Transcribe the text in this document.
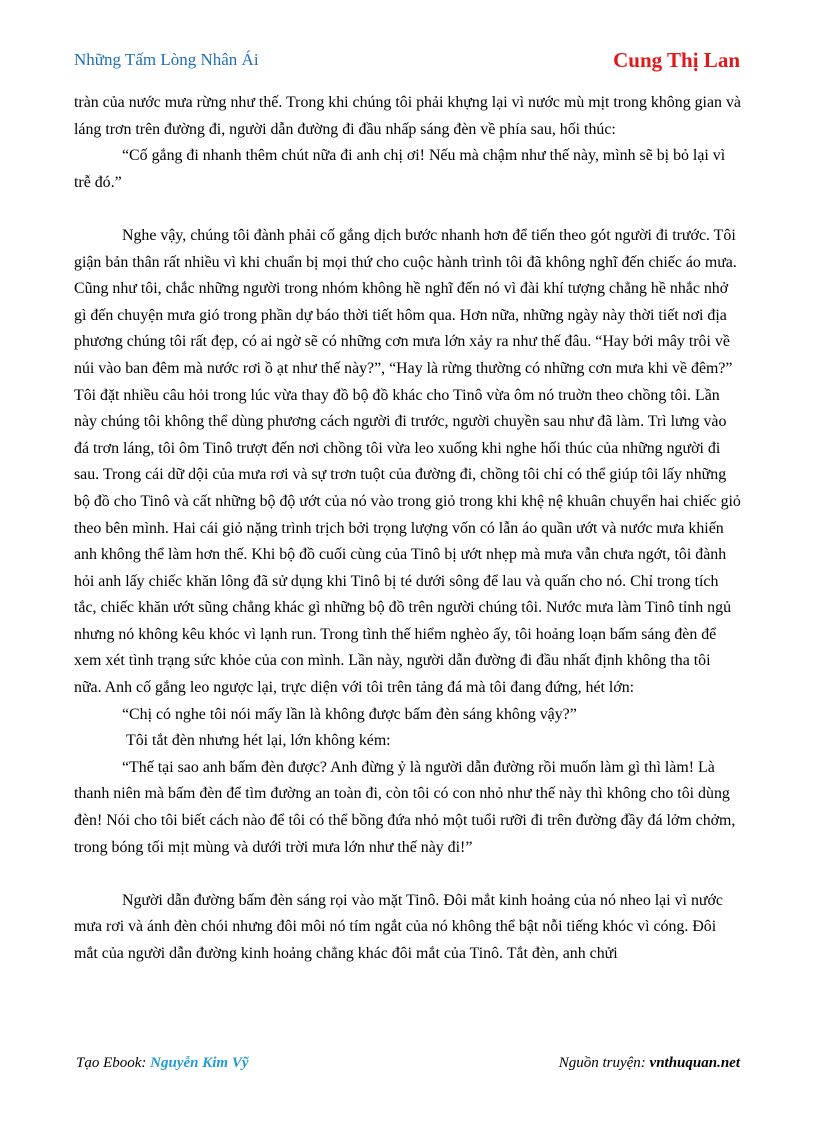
Những Tấm Lòng Nhân Ái	Cung Thị Lan

tràn của nước mưa rừng như thế. Trong khi chúng tôi phải khựng lại vì nước mù mịt trong không gian và láng trơn trên đường đi, người dẫn đường đi đầu nhấp sáng đèn về phía sau, hối thúc:

“Cố gắng đi nhanh thêm chút nữa đi anh chị ơi! Nếu mà chậm như thế này, mình sẽ bị bỏ lại vì trễ đó.”

Nghe vậy, chúng tôi đành phải cố gắng dịch bước nhanh hơn để tiến theo gót người đi trước. Tôi giận bản thân rất nhiều vì khi chuẩn bị mọi thứ cho cuộc hành trình tôi đã không nghĩ đến chiếc áo mưa. Cũng như tôi, chắc những người trong nhóm không hề nghĩ đến nó vì đài khí tượng chẳng hề nhắc nhở gì đến chuyện mưa gió trong phần dự báo thời tiết hôm qua. Hơn nữa, những ngày này thời tiết nơi địa phương chúng tôi rất đẹp, có ai ngờ sẽ có những cơn mưa lớn xảy ra như thế đâu. “Hay bởi mây trôi về núi vào ban đêm mà nước rơi ồ ạt như thế này?”, “Hay là rừng thường có những cơn mưa khi về đêm?” Tôi đặt nhiều câu hỏi trong lúc vừa thay đồ bộ đồ khác cho Tinô vừa ôm nó truờn theo chồng tôi. Lần này chúng tôi không thể dùng phương cách người đi trước, người chuyền sau như đã làm. Trì lưng vào đá trơn láng, tôi ôm Tinô trượt đến nơi chồng tôi vừa leo xuống khi nghe hối thúc của những người đi sau. Trong cái dữ dội của mưa rơi và sự trơn tuột của đường đi, chồng tôi chỉ có thể giúp tôi lấy những bộ đồ cho Tinô và cất những bộ độ ướt của nó vào trong giỏ trong khi khệ nệ khuân chuyển hai chiếc giỏ theo bên mình. Hai cái giỏ nặng trình trịch bởi trọng lượng vốn có lẫn áo quần ướt và nước mưa khiến anh không thể làm hơn thế. Khi bộ đồ cuối cùng của Tinô bị ướt nhẹp mà mưa vẫn chưa ngớt, tôi đành hỏi anh lấy chiếc khăn lông đã sử dụng khi Tinô bị té dưới sông để lau và quấn cho nó. Chỉ trong tích tắc, chiếc khăn ướt sũng chẳng khác gì những bộ đồ trên người chúng tôi. Nước mưa làm Tinô tỉnh ngủ nhưng nó không kêu khóc vì lạnh run. Trong tình thế hiểm nghèo ấy, tôi hoảng loạn bấm sáng đèn để xem xét tình trạng sức khỏe của con mình. Lần này, người dẫn đường đi đầu nhất định không tha tôi nữa. Anh cố gắng leo ngược lại, trực diện với tôi trên tảng đá mà tôi đang đứng, hét lớn:

“Chị có nghe tôi nói mấy lần là không được bấm đèn sáng không vậy?”

Tôi tắt đèn nhưng hét lại, lớn không kém:

“Thế tại sao anh bấm đèn được? Anh đừng ỷ là người dẫn đường rồi muốn làm gì thì làm! Là thanh niên mà bấm đèn để tìm đường an toàn đi, còn tôi có con nhỏ như thế này thì không cho tôi dùng đèn! Nói cho tôi biết cách nào để tôi có thể bồng đứa nhỏ một tuổi rưỡi đi trên đường đầy đá lởm chởm, trong bóng tối mịt mùng và dưới trời mưa lớn như thế này đi!”

Người dẫn đường bấm đèn sáng rọi vào mặt Tinô. Đôi mắt kinh hoảng của nó nheo lại vì nước mưa rơi và ánh đèn chói nhưng đôi môi nó tím ngắt của nó không thể bật nỗi tiếng khóc vì cóng. Đôi mắt của người dẫn đường kinh hoảng chẳng khác đôi mắt của Tinô. Tắt đèn, anh chửi

Tạo Ebook: Nguyễn Kim Vỹ	Nguồn truyện: vnthuquan.net
